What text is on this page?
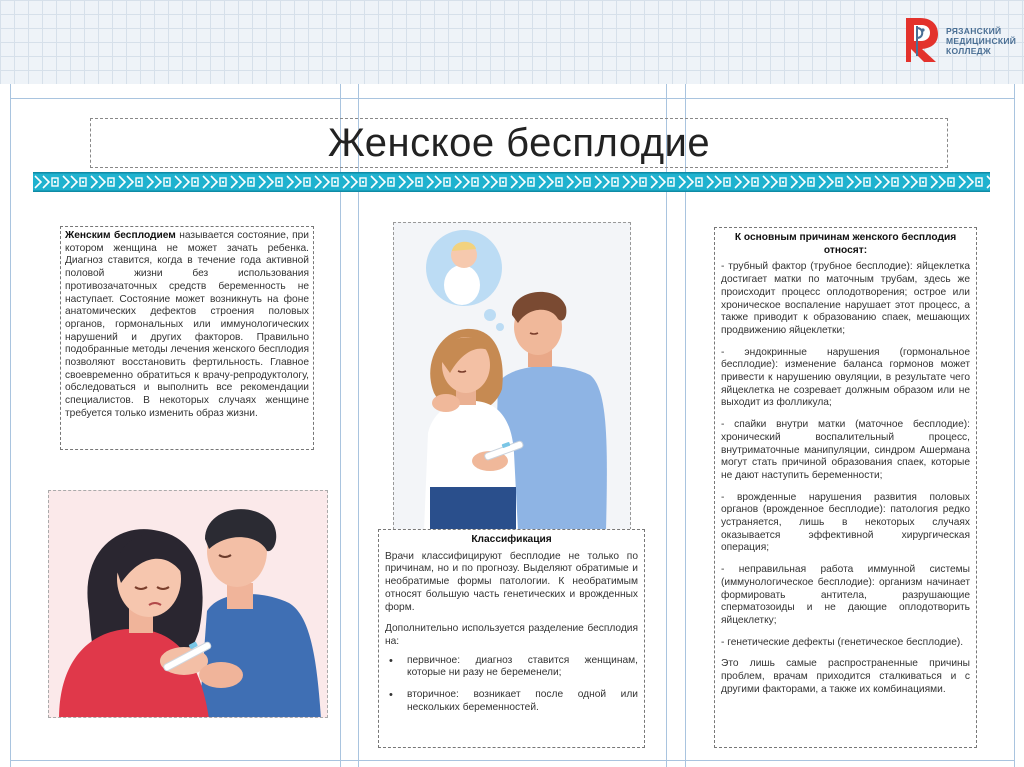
РЯЗАНСКИЙ
МЕДИЦИНСКИЙ
КОЛЛЕДЖ
Женское бесплодие

Женским бесплодием называется состояние, при котором женщина не может зачать ребенка. Диагноз ставится, когда в течение года активной половой жизни без использования противозачаточных средств беременность не наступает. Состояние может возникнуть на фоне анатомических дефектов строения половых органов, гормональных или иммунологических нарушений и других факторов. Правильно подобранные методы лечения женского бесплодия позволяют восстановить фертильность. Главное своевременно обратиться к врачу-репродуктологу, обследоваться и выполнить все рекомендации специалистов. В некоторых случаях женщине требуется только изменить образ жизни.

Классификация

Врачи классифицируют бесплодие не только по причинам, но и по прогнозу. Выделяют обратимые и необратимые формы патологии. К необратимым относят большую часть генетических и врожденных форм.

Дополнительно используется разделение бесплодия на:

• первичное: диагноз ставится женщинам, которые ни разу не беременели;
• вторичное: возникает после одной или нескольких беременностей.

К основным причинам женского бесплодия относят:

- трубный фактор (трубное бесплодие): яйцеклетка достигает матки по маточным трубам, здесь же происходит процесс оплодотворения; острое или хроническое воспаление нарушает этот процесс, а также приводит к образованию спаек, мешающих продвижению яйцеклетки;

- эндокринные нарушения (гормональное бесплодие): изменение баланса гормонов может привести к нарушению овуляции, в результате чего яйцеклетка не созревает должным образом или не выходит из фолликула;

- спайки внутри матки (маточное бесплодие): хронический воспалительный процесс, внутриматочные манипуляции, синдром Ашермана могут стать причиной образования спаек, которые не дают наступить беременности;

- врожденные нарушения развития половых органов (врожденное бесплодие): патология редко устраняется, лишь в некоторых случаях оказывается эффективной хирургическая операция;

- неправильная работа иммунной системы (иммунологическое бесплодие): организм начинает формировать антитела, разрушающие сперматозоиды и не дающие оплодотворить яйцеклетку;

- генетические дефекты (генетическое бесплодие).

Это лишь самые распространенные причины проблем, врачам приходится сталкиваться и с другими факторами, а также их комбинациями.
